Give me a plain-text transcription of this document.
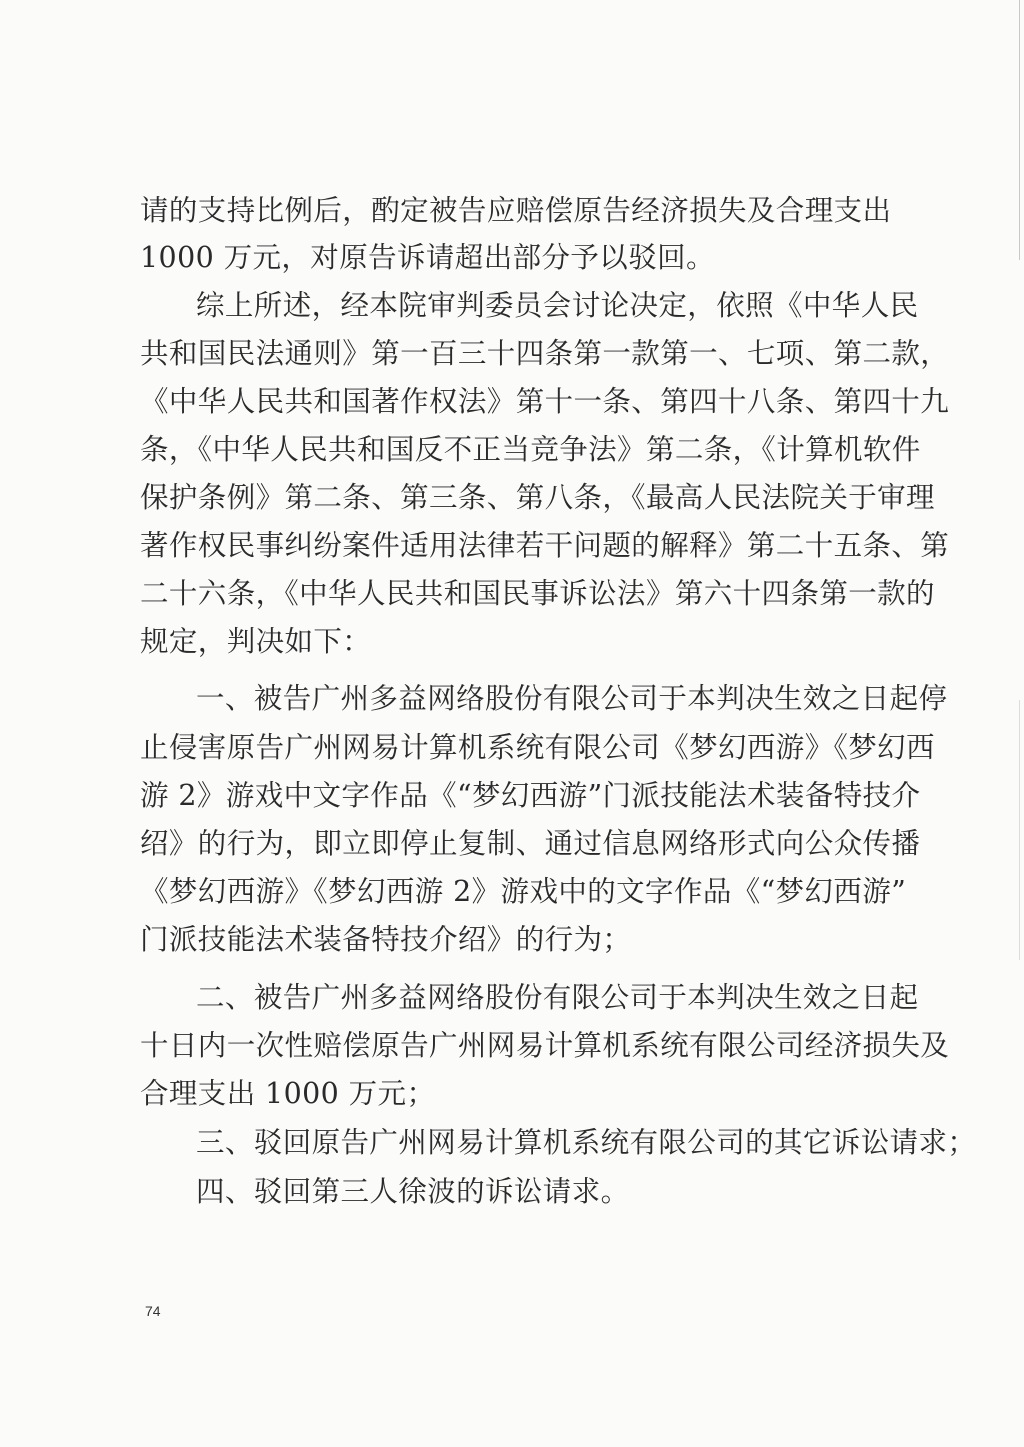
请的支持比例后，酌定被告应赔偿原告经济损失及合理支出
1000 万元，对原告诉请超出部分予以驳回。
综上所述，经本院审判委员会讨论决定，依照《中华人民
共和国民法通则》第一百三十四条第一款第一、七项、第二款，
《中华人民共和国著作权法》第十一条、第四十八条、第四十九
条，《中华人民共和国反不正当竞争法》第二条，《计算机软件
保护条例》第二条、第三条、第八条，《最高人民法院关于审理
著作权民事纠纷案件适用法律若干问题的解释》第二十五条、第
二十六条，《中华人民共和国民事诉讼法》第六十四条第一款的
规定，判决如下：
一、被告广州多益网络股份有限公司于本判决生效之日起停
止侵害原告广州网易计算机系统有限公司《梦幻西游》《梦幻西
游 2》游戏中文字作品《“梦幻西游”门派技能法术装备特技介
绍》的行为，即立即停止复制、通过信息网络形式向公众传播
《梦幻西游》《梦幻西游 2》游戏中的文字作品《“梦幻西游”
门派技能法术装备特技介绍》的行为；
二、被告广州多益网络股份有限公司于本判决生效之日起
十日内一次性赔偿原告广州网易计算机系统有限公司经济损失及
合理支出 1000 万元；
三、驳回原告广州网易计算机系统有限公司的其它诉讼请求；
四、驳回第三人徐波的诉讼请求。
74
